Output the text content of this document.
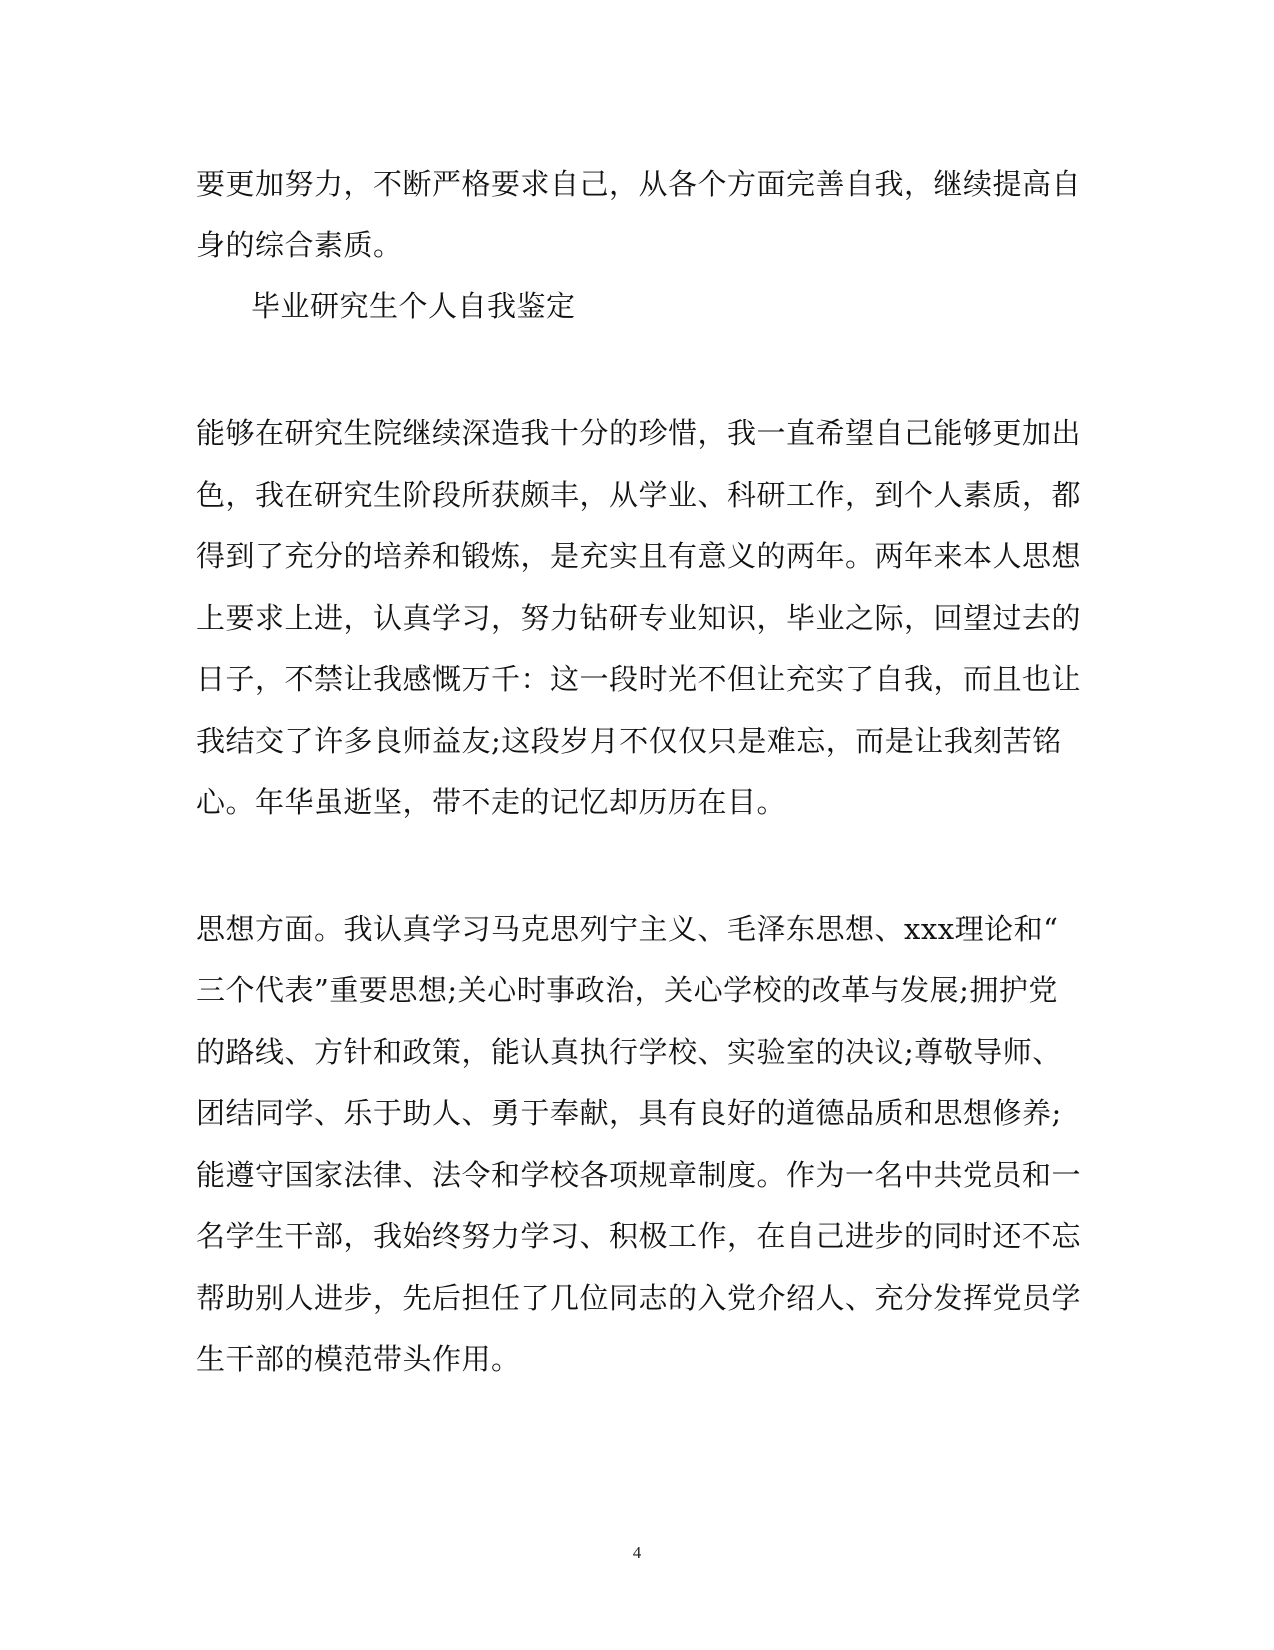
要更加努力，不断严格要求自己，从各个方面完善自我，继续提高自
身的综合素质。
毕业研究生个人自我鉴定
能够在研究生院继续深造我十分的珍惜，我一直希望自己能够更加出
色，我在研究生阶段所获颇丰，从学业、科研工作，到个人素质，都
得到了充分的培养和锻炼，是充实且有意义的两年。两年来本人思想
上要求上进，认真学习，努力钻研专业知识，毕业之际，回望过去的
日子，不禁让我感慨万千：这一段时光不但让充实了自我，而且也让
我结交了许多良师益友;这段岁月不仅仅只是难忘，而是让我刻苦铭
心。年华虽逝坚，带不走的记忆却历历在目。
思想方面。我认真学习马克思列宁主义、毛泽东思想、xxx理论和“
三个代表”重要思想;关心时事政治，关心学校的改革与发展;拥护党
的路线、方针和政策，能认真执行学校、实验室的决议;尊敬导师、
团结同学、乐于助人、勇于奉献，具有良好的道德品质和思想修养;
能遵守国家法律、法令和学校各项规章制度。作为一名中共党员和一
名学生干部，我始终努力学习、积极工作，在自己进步的同时还不忘
帮助别人进步，先后担任了几位同志的入党介绍人、充分发挥党员学
生干部的模范带头作用。
4
